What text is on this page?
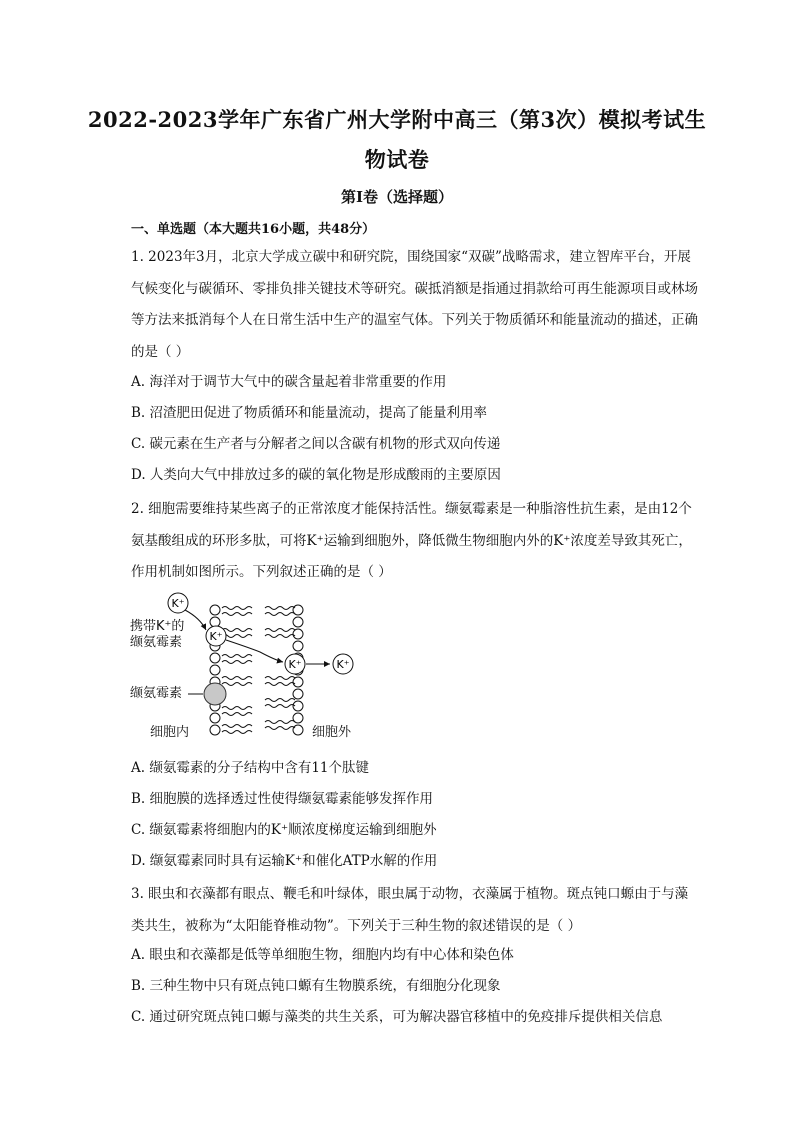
2022-2023学年广东省广州大学附中高三（第3次）模拟考试生物试卷
第I卷（选择题）
一、单选题（本大题共16小题，共48分）
1. 2023年3月，北京大学成立碳中和研究院，围绕国家“双碳”战略需求，建立智库平台，开展气候变化与碳循环、零排负排关键技术等研究。碳抵消额是指通过捐款给可再生能源项目或林场等方法来抵消每个人在日常生活中生产的温室气体。下列关于物质循环和能量流动的描述，正确的是（ ）
A. 海洋对于调节大气中的碳含量起着非常重要的作用
B. 沼渣肥田促进了物质循环和能量流动，提高了能量利用率
C. 碳元素在生产者与分解者之间以含碳有机物的形式双向传递
D. 人类向大气中排放过多的碳的氧化物是形成酸雨的主要原因
2. 细胞需要维持某些离子的正常浓度才能保持活性。缬氨霉素是一种脂溶性抗生素，是由12个氨基酸组成的环形多肽，可将K⁺运输到细胞外，降低微生物细胞内外的K⁺浓度差导致其死亡，作用机制如图所示。下列叙述正确的是（ ）
K⁺
K⁺
K⁺	K⁺
携带K⁺的
缬氨霉素
缬氨霉素
细胞内	细胞外
A. 缬氨霉素的分子结构中含有11个肽键
B. 细胞膜的选择透过性使得缬氨霉素能够发挥作用
C. 缬氨霉素将细胞内的K⁺顺浓度梯度运输到细胞外
D. 缬氨霉素同时具有运输K⁺和催化ATP水解的作用
3. 眼虫和衣藻都有眼点、鞭毛和叶绿体，眼虫属于动物，衣藻属于植物。斑点钝口螈由于与藻类共生，被称为“太阳能脊椎动物”。下列关于三种生物的叙述错误的是（ ）
A. 眼虫和衣藻都是低等单细胞生物，细胞内均有中心体和染色体
B. 三种生物中只有斑点钝口螈有生物膜系统，有细胞分化现象
C. 通过研究斑点钝口螈与藻类的共生关系，可为解决器官移植中的免疫排斥提供相关信息
